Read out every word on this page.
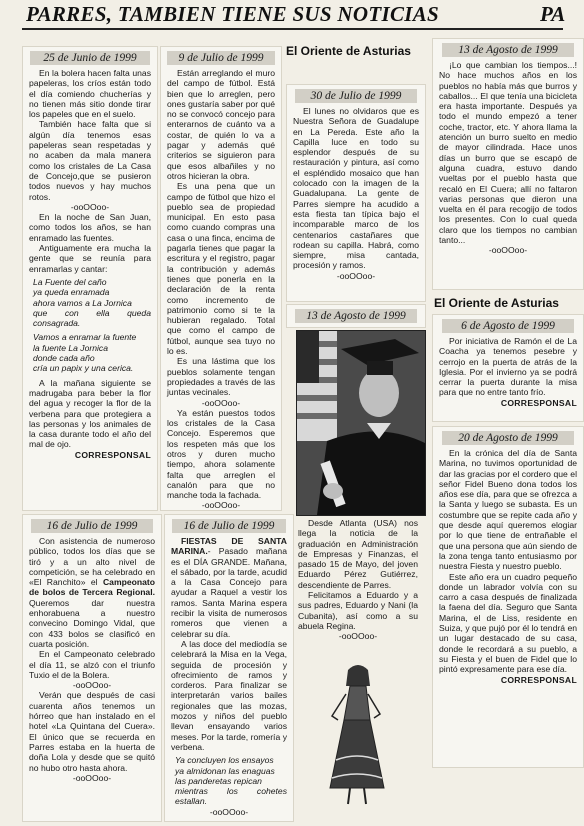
PARRES, TAMBIEN TIENE SUS NOTICIAS	PA
25 de Junio de 1999

En la bolera hacen falta unas papeleras, los críos están todo el día comiendo chucherías y no tienen más sitio donde tirar los papeles que en el suelo.

También hace falta que si algún día tenemos esas papeleras sean respetadas y no acaben da mala manera como los cristales de La Casa de Concejo,que se pusieron todos nuevos y hay muchos rotos.

-ooOOoo-

En la noche de San Juan, como todos los años, se han enramado las fuentes.

Antiguamente era mucha la gente que se reunía para enramarlas y cantar:

La Fuente del caño

ya queda enramada

ahora vamos a La Jornica

que con ella queda consagrada.

Vamos a enramar la fuente

la fuente La Jornica

donde cada año

cría un papix y una cerica.

A la mañana siguiente se madrugaba para beber la flor del agua y recoger la flor de la verbena para que protegiera a las personas y los animales de la casa durante todo el año del mal de ojo.

CORRESPONSAL

9 de Julio de 1999

Están arreglando el muro del campo de fútbol. Está bien que lo arreglen, pero ones gustaría saber por qué no se convocó concejo para enterarnos de cuánto va a costar, de quién lo va a pagar y además qué criterios se siguieron para que esos albañiles y no otros hicieran la obra.

Es una pena que un campo de fútbol que hizo el pueblo sea de propiedad municipal. En esto pasa como cuando compras una casa o una finca, encima de pagarla tienes que pagar la escritura y el registro, pagar la contribución y además tienes que ponerla en la declaración de la renta como incremento de patrimonio como si te la hubieran regalado. Total que como el campo de fútbol, aunque sea tuyo no lo es.

Es una lástima que los pueblos solamente tengan propiedades a través de las juntas vecinales.

-ooOOoo-

Ya están puestos todos los cristales de la Casa Concejo. Esperemos que los respeten más que los otros y duren mucho tiempo, ahora solamente falta que arreglen el canalón para que no manche toda la fachada.

-ooOOoo-

El Oriente de Asturias
30 de Julio de 1999

El lunes no olvidaros que es Nuestra Señora de Guadalupe en La Pereda. Este año la Capilla luce en todo su esplendor después de su restauración y pintura, así como el espléndido mosaico que han colocado con la imagen de la Guadalupana. La gente de Parres siempre ha acudido a esta fiesta tan típica bajo el incomparable marco de los centenarios castañares que rodean su capilla. Habrá, como siempre, misa cantada, procesión y ramos.

-ooOOoo-

13 de Agosto de 1999

Desde Atlanta (USA) nos llega la noticia de la graduación en Administración de Empresas y Finanzas, el pasado 15 de Mayo, del joven Eduardo Pérez Gutiérrez, descendiente de Parres.

Felicitamos a Eduardo y a sus padres, Eduardo y Nani (la Cubanita), así como a su abuela Regina.

-ooOOoo-

16 de Julio de 1999

Con asistencia de numeroso público, todos los días que se tiró y a un alto nivel de competición, se ha celebrado en «El Ranchito» el Campeonato de bolos de Tercera Regional. Queremos dar nuestra enhorabuena a nuestro convecino Domingo Vidal, que con 433 bolos se clasificó en cuarta posición.

En el Campeonato celebrado el día 11, se alzó con el triunfo Tuxio el de la Bolera.

-ooOOoo-

Verán que después de casi cuarenta años tenemos un hórreo que han instalado en el hotel «La Quintana del Cuera». El único que se recuerda en Parres estaba en la huerta de doña Lola y desde que se quitó no hubo otro hasta ahora.

-ooOOoo-

16 de Julio de 1999

FIESTAS DE SANTA MARINA.- Pasado mañana es el DÍA GRANDE. Mañana, el sábado, por la tarde, acudid a la Casa Concejo para ayudar a Raquel a vestir los ramos. Santa Marina espera recibir la visita de numerosos romeros que vienen a celebrar su día.

A las doce del mediodía se celebrará la Misa en la Vega, seguida de procesión y ofrecimiento de ramos y corderos. Para finalizar se interpretarán varios bailes regionales que las mozas, mozos y niños del pueblo llevan ensayando varios meses. Por la tarde, romería y verbena.

Ya concluyen los ensayos

ya almidonan las enaguas

las panderetas repican

mientras los cohetes estallan.

-ooOOoo-

13 de Agosto de 1999

¡Lo que cambian los tiempos...! No hace muchos años en los pueblos no había más que burros y caballos... El que tenía una bicicleta era hasta importante. Después ya todo el mundo empezó a tener coche, tractor, etc. Y ahora llama la atención un burro suelto en medio de mayor cilindrada. Hace unos días un burro que se escapó de alguna cuadra, estuvo dando vueltas por el pueblo hasta que recaló en El Cuera; allí no faltaron varias personas que dieron una vuelta en él para recogijo de todos los presentes. Con lo cual queda claro que los tiempos no cambian tanto...

-ooOOoo-

El Oriente de Asturias
6 de Agosto de 1999

Por iniciativa de Ramón el de La Coacha ya tenemos pesebre y cerrojo en la puerta de atrás de la Iglesia. Por el invierno ya se podrá cerrar la puerta durante la misa para que no entre tanto frío.

CORRESPONSAL

20 de Agosto de 1999

En la crónica del día de Santa Marina, no tuvimos oportunidad de dar las gracias por el cordero que el señor Fidel Bueno dona todos los años ese día, para que se ofrezca a la Santa y luego se subasta. Es un costumbre que se repite cada año y que desde aquí queremos elogiar por lo que tiene de entrañable el que una persona que aún siendo de la zona tenga tanto entusiasmo por nuestra Fiesta y nuestro pueblo.

Este año era un cuadro pequeño donde un labrador volvía con su carro a casa después de finalizada la faena del día. Seguro que Santa Marina, el de Liss, residente en Suiza, y que pujó por él lo tendrá en un lugar destacado de su casa, donde le recordará a su pueblo, a su Fiesta y el buen de Fidel que lo pintó expresamente para ese día.

CORRESPONSAL
